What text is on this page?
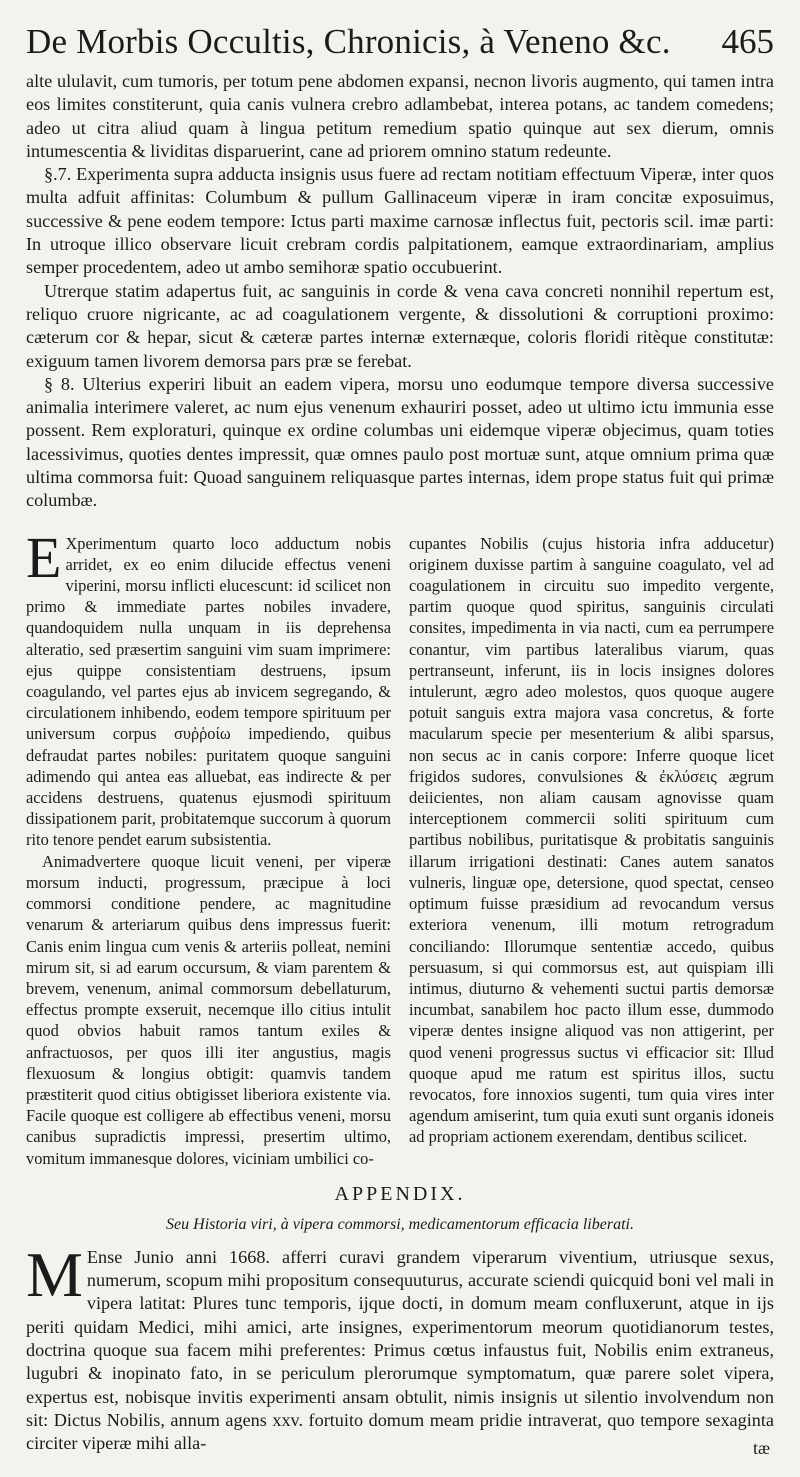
De Morbis Occultis, Chronicis, à Veneno &c. 465

alte ululavit, cum tumoris, per totum pene abdomen expansi, necnon livoris augmento, qui tamen intra eos limites constiterunt, quia canis vulnera crebro adlambebat, interea potans, ac tandem comedens; adeo ut citra aliud quam à lingua petitum remedium spatio quinque aut sex dierum, omnis intumescentia & lividitas disparuerint, cane ad priorem omnino statum redeunte.

§.7. Experimenta supra adducta insignis usus fuere ad rectam notitiam effectuum Viperæ, inter quos multa adfuit affinitas: Columbum & pullum Gallinaceum viperæ in iram concitæ exposuimus, successive & pene eodem tempore: Ictus parti maxime carnosæ inflectus fuit, pectoris scil. imæ parti: In utroque illico observare licuit crebram cordis palpitationem, eamque extraordinariam, amplius semper procedentem, adeo ut ambo semihoræ spatio occubuerint.

Utrerque statim adapertus fuit, ac sanguinis in corde & vena cava concreti nonnihil repertum est, reliquo cruore nigricante, ac ad coagulationem vergente, & dissolutioni & corruptioni proximo: cæterum cor & hepar, sicut & cæteræ partes internæ externæque, coloris floridi ritèque constitutæ: exiguum tamen livorem demorsa pars præ se ferebat.

§ 8. Ulterius experiri libuit an eadem vipera, morsu uno eodumque tempore diversa successive animalia interimere valeret, ac num ejus venenum exhauriri posset, adeo ut ultimo ictu immunia esse possent. Rem exploraturi, quinque ex ordine columbas uni eidemque viperæ objecimus, quam toties lacessivimus, quoties dentes impressit, quæ omnes paulo post mortuæ sunt, atque omnium prima quæ ultima commorsa fuit: Quoad sanguinem reliquasque partes internas, idem prope status fuit qui primæ columbæ.

E Xperimentum quarto loco adductum nobis arridet, ex eo enim dilucide effectus veneni viperini, morsu inflicti elucescunt: id scilicet non primo & immediate partes nobiles invadere, quandoquidem nulla unquam in iis deprehensa alteratio, sed præsertim sanguini vim suam imprimere: ejus quippe consistentiam destruens, ipsum coagulando, vel partes ejus ab invicem segregando, & circulationem inhibendo, eodem tempore spirituum per universum corpus συῤῥοίω impediendo, quibus defraudat partes nobiles: puritatem quoque sanguini adimendo qui antea eas alluebat, eas indirecte & per accidens destruens, quatenus ejusmodi spirituum dissipationem parit, probitatemque succorum à quorum rito tenore pendet earum subsistentia.

Animadvertere quoque licuit veneni, per viperæ morsum inducti, progressum, præcipue à loci commorsi conditione pendere, ac magnitudine venarum & arteriarum quibus dens impressus fuerit: Canis enim lingua cum venis & arteriis polleat, nemini mirum sit, si ad earum occursum, & viam parentem & brevem, venenum, animal commorsum debellaturum, effectus prompte exseruit, necemque illo citius intulit quod obvios habuit ramos tantum exiles & anfractuosos, per quos illi iter angustius, magis flexuosum & longius obtigit: quamvis tandem præstiterit quod citius obtigisset liberiora existente via. Facile quoque est colligere ab effectibus veneni, morsu canibus supradictis impressi, presertim ultimo, vomitum immanesque dolores, viciniam umbilici co-

cupantes Nobilis (cujus historia infra adducetur) originem duxisse partim à sanguine coagulato, vel ad coagulationem in circuitu suo impedito vergente, partim quoque quod spiritus, sanguinis circulati consites, impedimenta in via nacti, cum ea perrumpere conantur, vim partibus lateralibus viarum, quas pertranseunt, inferunt, iis in locis insignes dolores intulerunt, ægro adeo molestos, quos quoque augere potuit sanguis extra majora vasa concretus, & forte macularum specie per mesenterium & alibi sparsus, non secus ac in canis corpore: Inferre quoque licet frigidos sudores, convulsiones & ἐκλύσεις ægrum deiicientes, non aliam causam agnovisse quam interceptionem commercii soliti spirituum cum partibus nobilibus, puritatisque & probitatis sanguinis illarum irrigationi destinati: Canes autem sanatos vulneris, linguæ ope, detersione, quod spectat, censeo optimum fuisse præsidium ad revocandum versus exteriora venenum, illi motum retrogradum conciliando: Illorumque sententiæ accedo, quibus persuasum, si qui commorsus est, aut quispiam illi intimus, diuturno & vehementi suctui partis demorsæ incumbat, sanabilem hoc pacto illum esse, dummodo viperæ dentes insigne aliquod vas non attigerint, per quod veneni progressus suctus vi efficacior sit: Illud quoque apud me ratum est spiritus illos, suctu revocatos, fore innoxios sugenti, tum quia vires inter agendum amiserint, tum quia exuti sunt organis idoneis ad propriam actionem exerendam, dentibus scilicet.

APPENDIX.
Seu Historia viri, à vipera commorsi, medicamentorum efficacia liberati.

M Ense Junio anni 1668. afferri curavi grandem viperarum viventium, utriusque sexus, numerum, scopum mihi propositum consequuturus, accurate sciendi quicquid boni vel mali in vipera latitat: Plures tunc temporis, ijque docti, in domum meam confluxerunt, atque in ijs periti quidam Medici, mihi amici, arte insignes, experimentorum meorum quotidianorum testes, doctrina quoque sua facem mihi preferentes: Primus cœtus infaustus fuit, Nobilis enim extraneus, lugubri & inopinato fato, in se periculum plerorumque symptomatum, quæ parere solet vipera, expertus est, nobisque invitis experimenti ansam obtulit, nimis insignis ut silentio involvendum non sit: Dictus Nobilis, annum agens xxv. fortuito domum meam pridie intraverat, quo tempore sexaginta circiter viperæ mihi alla-	tæ
